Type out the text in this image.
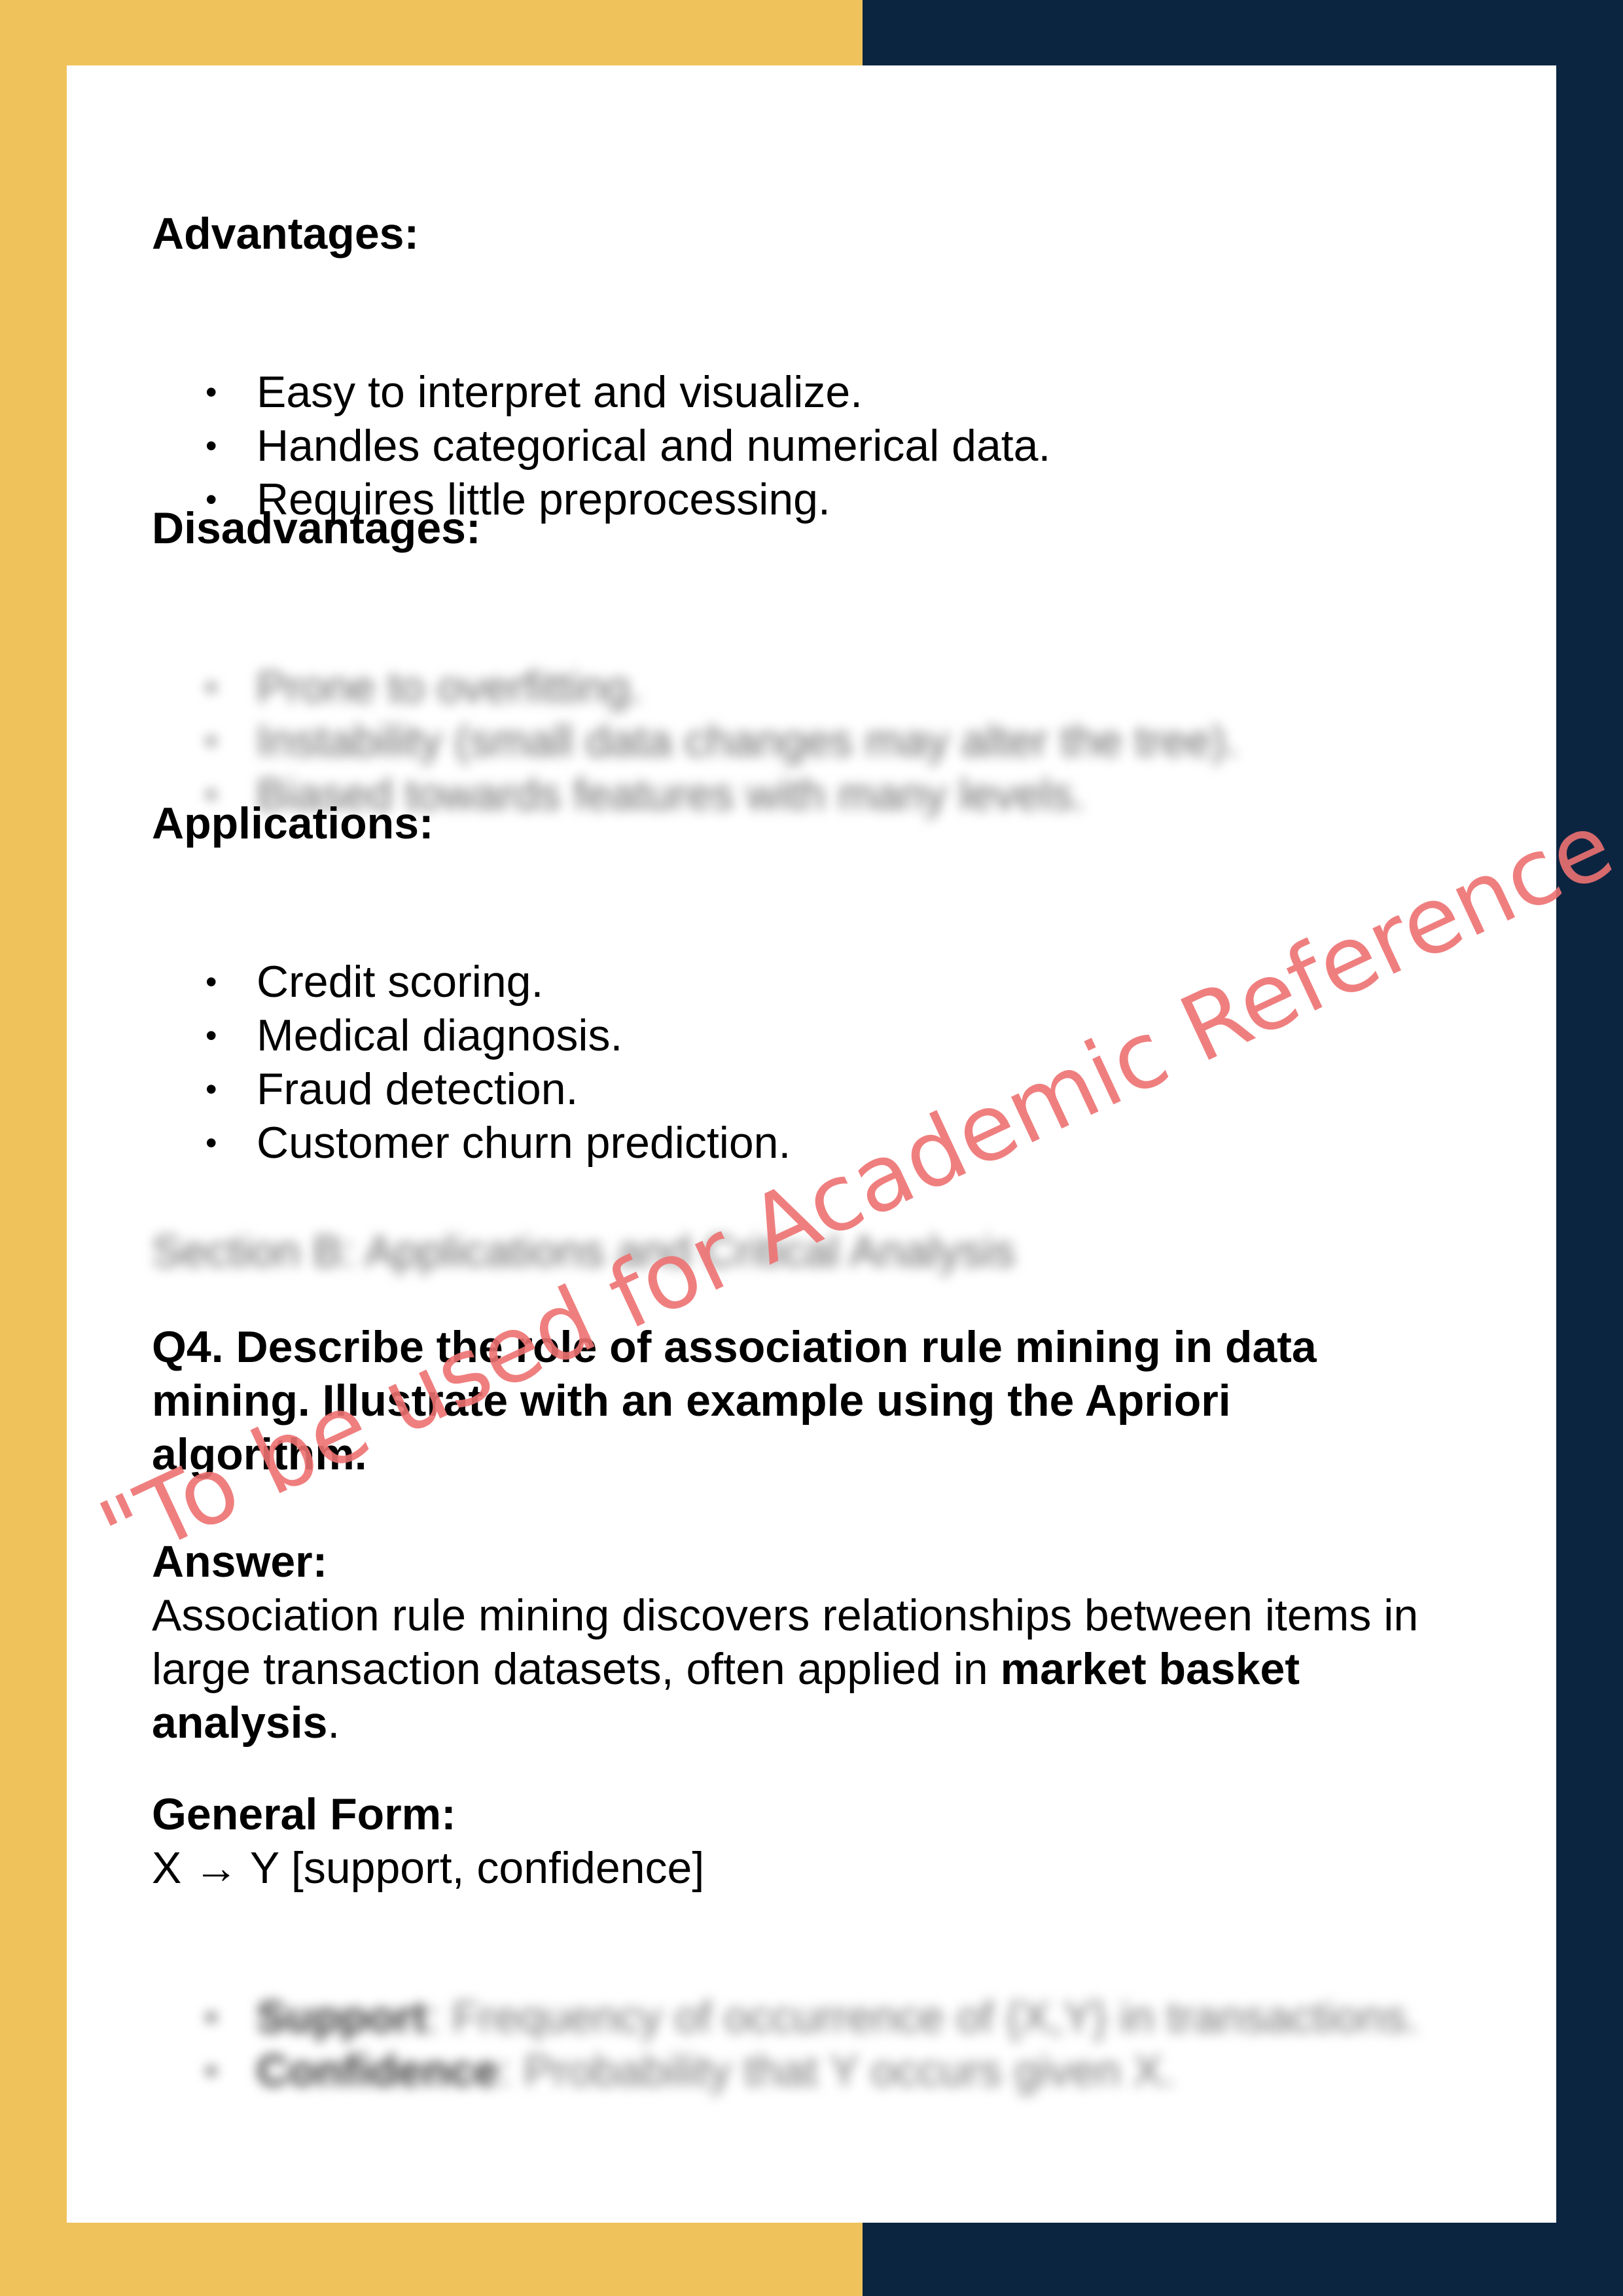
Advantages:
• Easy to interpret and visualize.
• Handles categorical and numerical data.
• Requires little preprocessing.
Disadvantages:
• Prone to overfitting.
• Instability (small data changes may alter the tree).
• Biased towards features with many levels.
Applications:
• Credit scoring.
• Medical diagnosis.
• Fraud detection.
• Customer churn prediction.
Section B: Applications and Critical Analysis
Q4. Describe the role of association rule mining in data
mining. Illustrate with an example using the Apriori
algorithm.
Answer:
Association rule mining discovers relationships between items in
large transaction datasets, often applied in market basket
analysis.
General Form:
X → Y [support, confidence]
• Support: Frequency of occurrence of {X,Y} in transactions.
• Confidence: Probability that Y occurs given X.
"To be used for Academic Reference
